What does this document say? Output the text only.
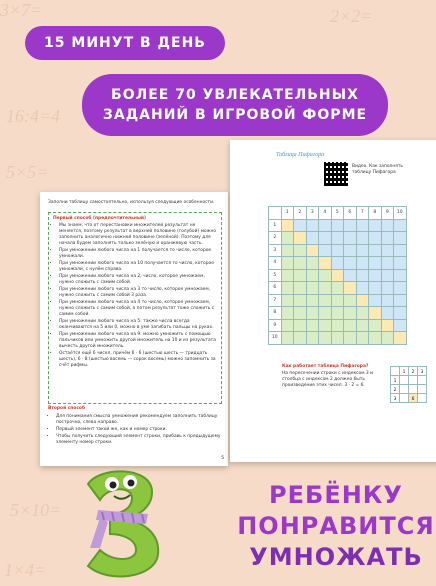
3×7=	2×2=
16:4=4
5×5=
5×10=
1×4=
15 МИНУТ В ДЕНЬ
БОЛЕЕ 70 УВЛЕКАТЕЛЬНЫХ
ЗАДАНИЙ В ИГРОВОЙ ФОРМЕ
Заполни таблицу самостоятельно, используя следующие особенности.
Первый способ (предпочтительный)
• Мы знаем, что от перестановки множителей результат не меняется, поэтому результат в верхней половине (голубой) можно заполнить аналогично нижней половине (зелёной). Поэтому для начала будем заполнять только зелёную и оранжевую часть.
• При умножении любого числа на 1 получается то число, которое умножали.
• При умножении любого числа на 10 получается то число, которое умножали, с нулём справа.
• При умножении любого числа на 2, число, которое умножаем, нужно сложить с самим собой.
• При умножении любого числа на 3 то число, которое умножаем, нужно сложить с самим собой 3 раза.
• При умножении любого числа на 4 то число, которое умножаем, нужно сложить с самим собой, а потом результат тоже сложить с самим собой.
• При умножении любого числа на 5: также числа всегда оканчиваются на 5 или 0, можно в уме загибать пальцы на руках.
• При умножении любого числа на 9: можно умножить с помощью пальчиков или умножить другой множитель на 10 и из результата вычесть другой множитель.
• Остаётся ещё 6 чисел, причём 6 · 6 (шестью шесть — тридцать шесть), 6 · 8 (шестью восемь — сорок восемь) можно запомнить за счёт рифмы.
Второй способ
• Для понимания смысла умножения рекомендуем заполнить таблицу построчно, слева направо.
• Первый элемент такой же, как и номер строки.
• Чтобы получить следующий элемент строки, прибавь к предыдущему элементу номер строки.
5
Таблица Пифагора
Видео. Как заполнять таблицу Пифагора
	1	2	3	4	5	6	7	8	9	10
1										
2										
3										
4										
5										
6										
7										
8										
9										
10										
Как работает таблица Пифагора?
На пересечении строки с индексом 3 и столбца с индексом 2 должно быть произведение этих чисел. 3 · 2 = 6.
	1	2	3
1			
2			
3		6	
РЕБЁНКУ
ПОНРАВИТСЯ
УМНОЖАТЬ
